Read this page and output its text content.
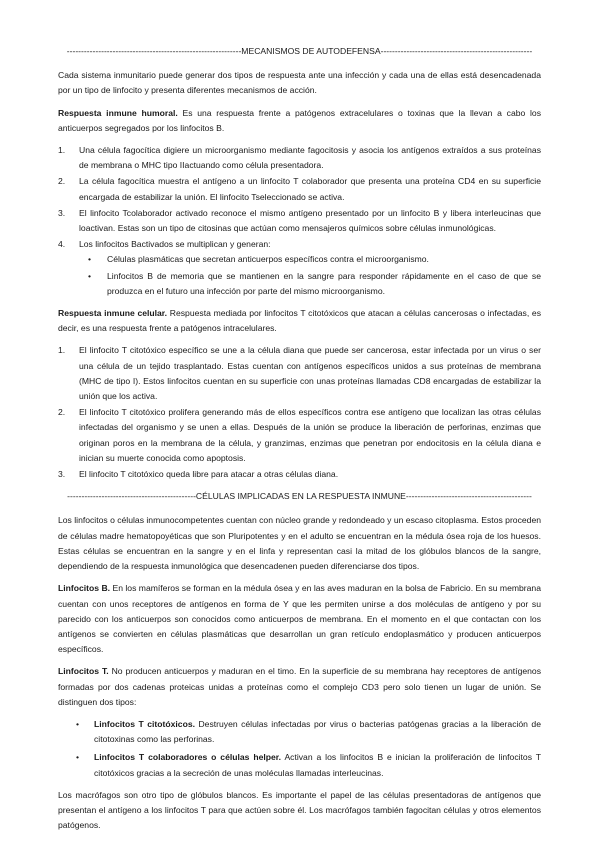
-------------------------------------------------------------MECANISMOS DE AUTODEFENSA-----------------------------------------------------

Cada sistema inmunitario puede generar dos tipos de respuesta ante una infección y cada una de ellas está desencadenada por un tipo de linfocito y presenta diferentes mecanismos de acción.

Respuesta inmune humoral. Es una respuesta frente a patógenos extracelulares o toxinas que la llevan a cabo los anticuerpos segregados por los linfocitos B.

1. Una célula fagocítica digiere un microorganismo mediante fagocitosis y asocia los antígenos extraídos a sus proteínas de membrana o MHC tipo IIactuando como célula presentadora.
2. La célula fagocítica muestra el antígeno a un linfocito T colaborador que presenta una proteína CD4 en su superficie encargada de estabilizar la unión. El linfocito Tseleccionado se activa.
3. El linfocito Tcolaborador activado reconoce el mismo antígeno presentado por un linfocito B y libera interleucinas que loactivan. Estas son un tipo de citosinas que actúan como mensajeros químicos sobre células inmunológicas.
4. Los linfocitos Bactivados se multiplican y generan:
• Células plasmáticas que secretan anticuerpos específicos contra el microorganismo.
• Linfocitos B de memoria que se mantienen en la sangre para responder rápidamente en el caso de que se produzca en el futuro una infección por parte del mismo microorganismo.

Respuesta inmune celular. Respuesta mediada por linfocitos T citotóxicos que atacan a células cancerosas o infectadas, es decir, es una respuesta frente a patógenos intracelulares.

1. El linfocito T citotóxico específico se une a la célula diana que puede ser cancerosa, estar infectada por un virus o ser una célula de un tejido trasplantado. Estas cuentan con antígenos específicos unidos a sus proteínas de membrana (MHC de tipo I). Estos linfocitos cuentan en su superficie con unas proteínas llamadas CD8 encargadas de estabilizar la unión que los activa.
2. El linfocito T citotóxico prolifera generando más de ellos específicos contra ese antígeno que localizan las otras células infectadas del organismo y se unen a ellas. Después de la unión se produce la liberación de perforinas, enzimas que originan poros en la membrana de la célula, y granzimas, enzimas que penetran por endocitosis en la célula diana e inician su muerte conocida como apoptosis.
3. El linfocito T citotóxico queda libre para atacar a otras células diana.
---------------------------------------------CÉLULAS IMPLICADAS EN LA RESPUESTA INMUNE--------------------------------------------

Los linfocitos o células inmunocompetentes cuentan con núcleo grande y redondeado y un escaso citoplasma. Estos proceden de células madre hematopoyéticas que son Pluripotentes y en el adulto se encuentran en la médula ósea roja de los huesos. Estas células se encuentran en la sangre y en el linfa y representan casi la mitad de los glóbulos blancos de la sangre, dependiendo de la respuesta inmunológica que desencadenen pueden diferenciarse dos tipos.

Linfocitos B. En los mamíferos se forman en la médula ósea y en las aves maduran en la bolsa de Fabricio. En su membrana cuentan con unos receptores de antígenos en forma de Y que les permiten unirse a dos moléculas de antígeno y por su parecido con los anticuerpos son conocidos como anticuerpos de membrana. En el momento en el que contactan con los antígenos se convierten en células plasmáticas que desarrollan un gran retículo endoplasmático y producen anticuerpos específicos.

Linfocitos T. No producen anticuerpos y maduran en el timo. En la superficie de su membrana hay receptores de antígenos formadas por dos cadenas proteicas unidas a proteínas como el complejo CD3 pero solo tienen un lugar de unión. Se distinguen dos tipos:

• Linfocitos T citotóxicos. Destruyen células infectadas por virus o bacterias patógenas gracias a la liberación de citotoxinas como las perforinas.
• Linfocitos T colaboradores o células helper. Activan a los linfocitos B e inician la proliferación de linfocitos T citotóxicos gracias a la secreción de unas moléculas llamadas interleucinas.

Los macrófagos son otro tipo de glóbulos blancos. Es importante el papel de las células presentadoras de antígenos que presentan el antígeno a los linfocitos T para que actúen sobre él. Los macrófagos también fagocitan células y otros elementos patógenos.
